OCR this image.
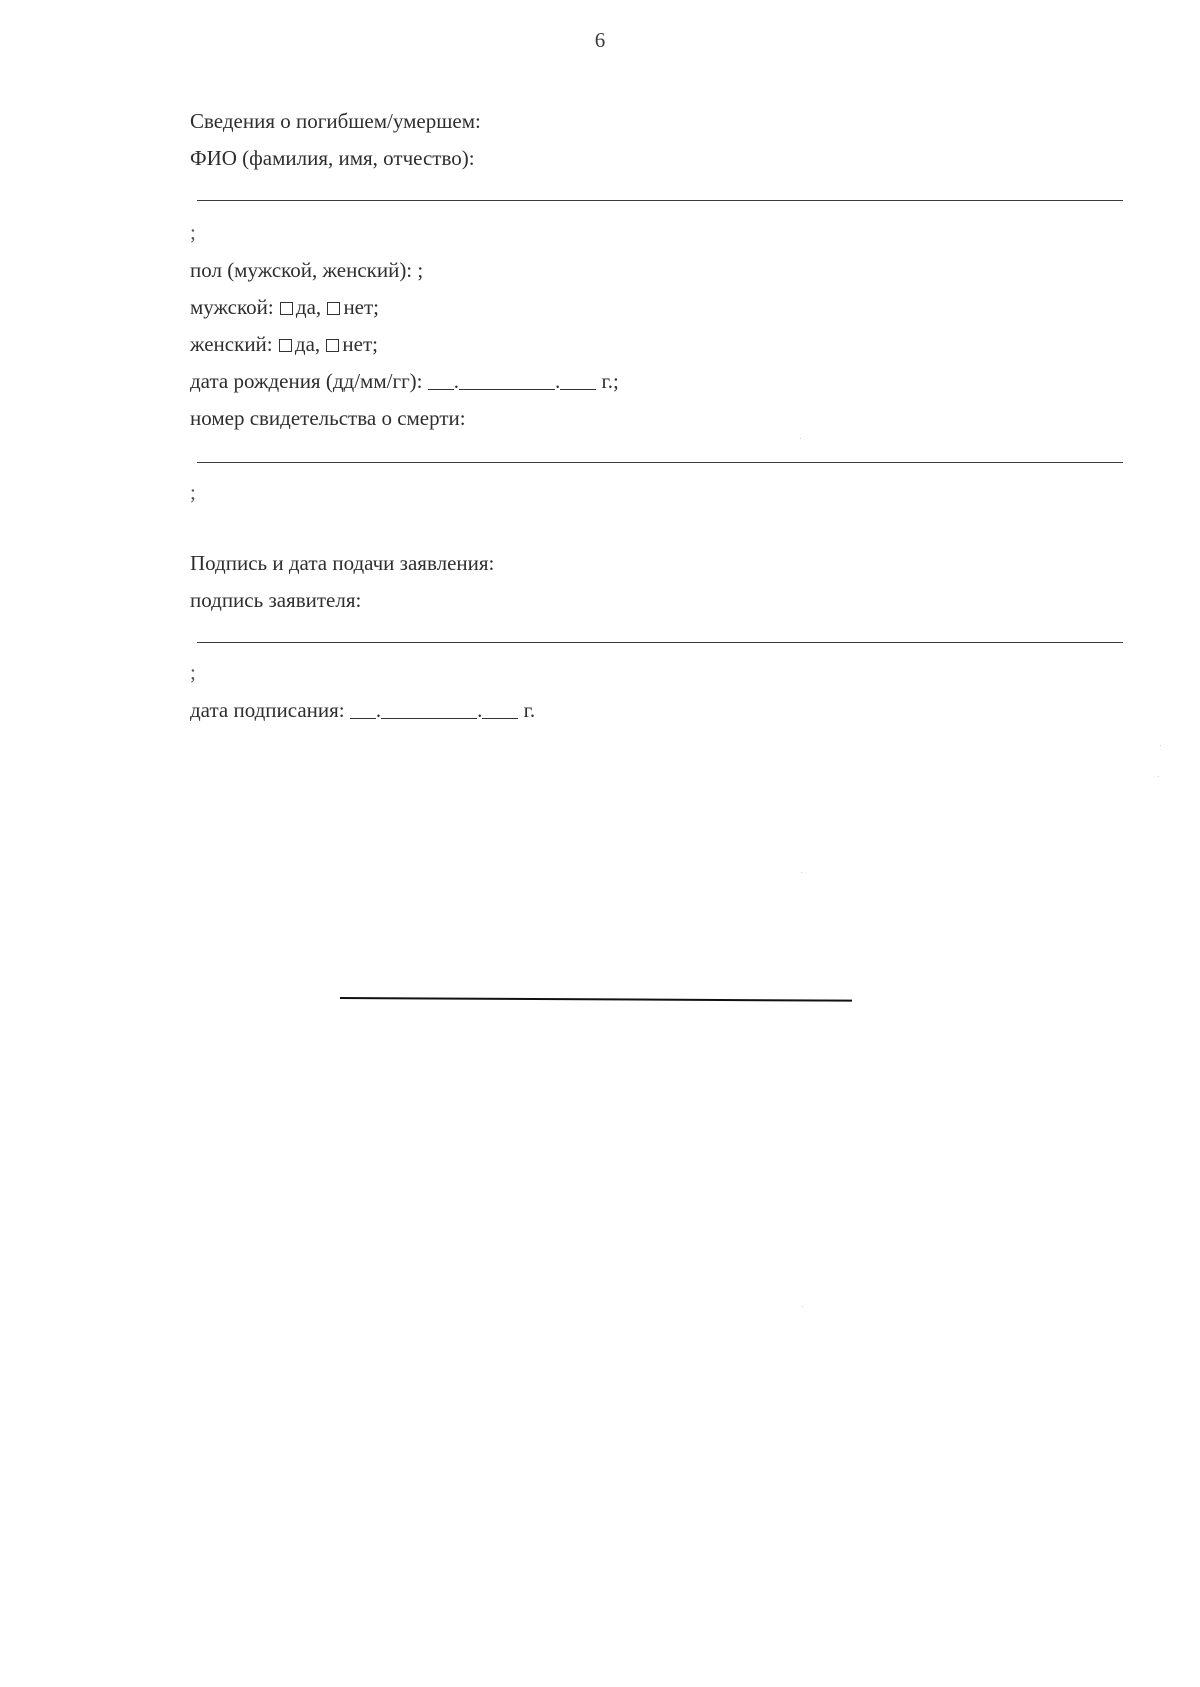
6
Сведения о погибшем/умершем:
ФИО (фамилия, имя, отчество):
;
пол (мужской, женский): ;
мужской: да, нет;
женский: да, нет;
дата рождения (дд/мм/гг): .	. г.;
номер свидетельства о смерти:
;
Подпись и дата подачи заявления:
подпись заявителя:
;
дата подписания: .	. г.
